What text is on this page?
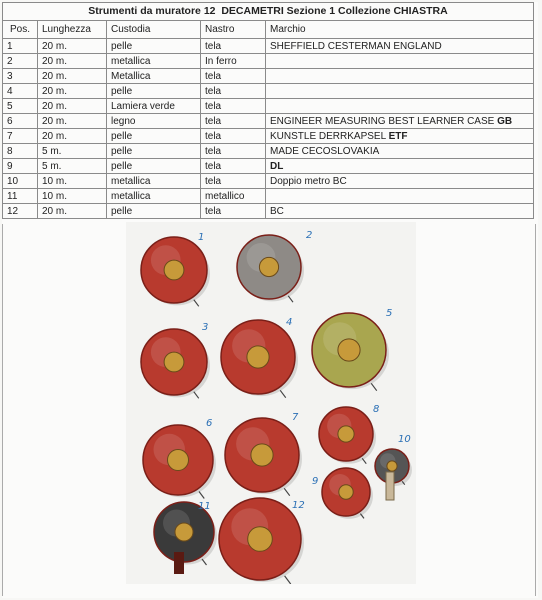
Strumenti da muratore 12 DECAMETRI Sezione 1 Collezione CHIASTRA				
Pos.	Lunghezza	Custodia	Nastro	Marchio
1	20 m.	pelle	tela	SHEFFIELD CESTERMAN ENGLAND
2	20 m.	metallica	In ferro	
3	20 m.	Metallica	tela	
4	20 m.	pelle	tela	
5	20 m.	Lamiera verde	tela	
6	20 m.	legno	tela	ENGINEER MEASURING BEST LEARNER CASE GB
7	20 m.	pelle	tela	KUNSTLE DERRKAPSEL ETF
8	5 m.	pelle	tela	MADE CECOSLOVAKIA
9	5 m.	pelle	tela	DL
10	10 m.	metallica	tela	Doppio metro BC
11	10 m.	metallica	metallico	
12	20 m.	pelle	tela	BC
1	2
3	4
5
6
7
8
9
10
11	12
